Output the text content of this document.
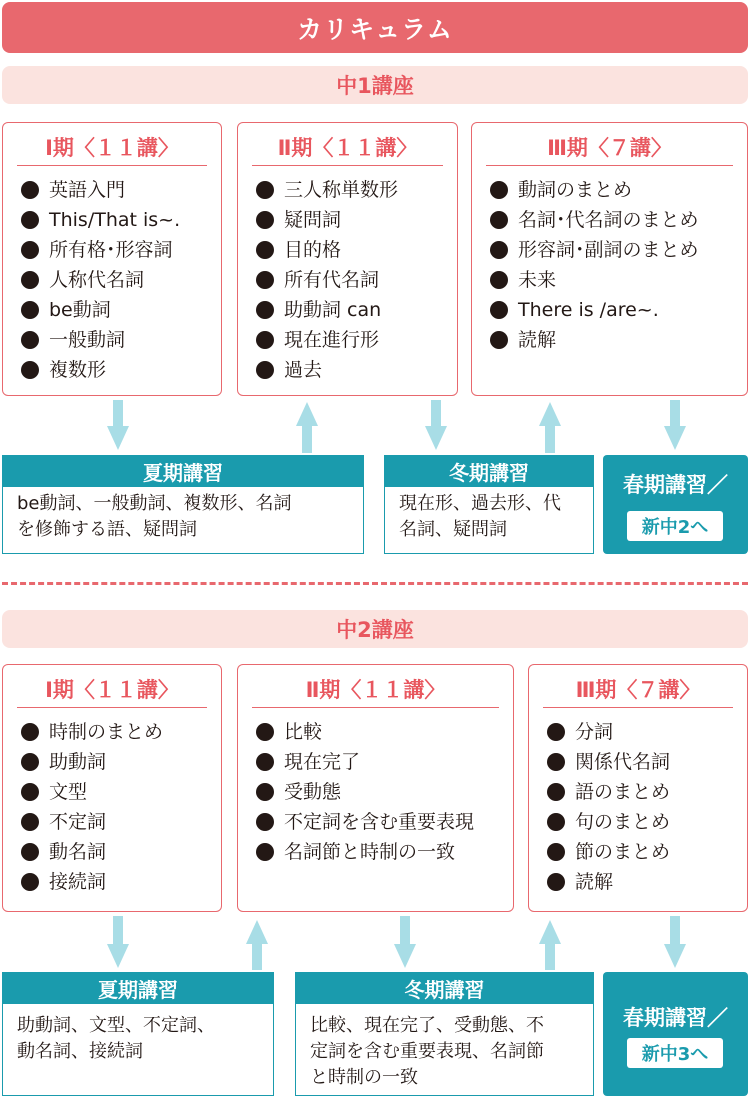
カリキュラム
中1講座
Ⅰ期〈１１講〉
英語入門
This/That is~.
所有格･形容詞
人称代名詞
be動詞
一般動詞
複数形
Ⅱ期〈１１講〉
三人称単数形
疑問詞
目的格
所有代名詞
助動詞 can
現在進行形
過去
Ⅲ期〈７講〉
動詞のまとめ
名詞･代名詞のまとめ
形容詞･副詞のまとめ
未来
There is /are~.
読解
夏期講習
be動詞、一般動詞、複数形、名詞
を修飾する語、疑問詞
冬期講習
現在形、過去形、代
名詞、疑問詞
春期講習／
新中2へ
中2講座
Ⅰ期〈１１講〉
時制のまとめ
助動詞
文型
不定詞
動名詞
接続詞
Ⅱ期〈１１講〉
比較
現在完了
受動態
不定詞を含む重要表現
名詞節と時制の一致
Ⅲ期〈７講〉
分詞
関係代名詞
語のまとめ
句のまとめ
節のまとめ
読解
夏期講習
助動詞、文型、不定詞、
動名詞、接続詞
冬期講習
比較、現在完了、受動態、不
定詞を含む重要表現、名詞節
と時制の一致
春期講習／
新中3へ
